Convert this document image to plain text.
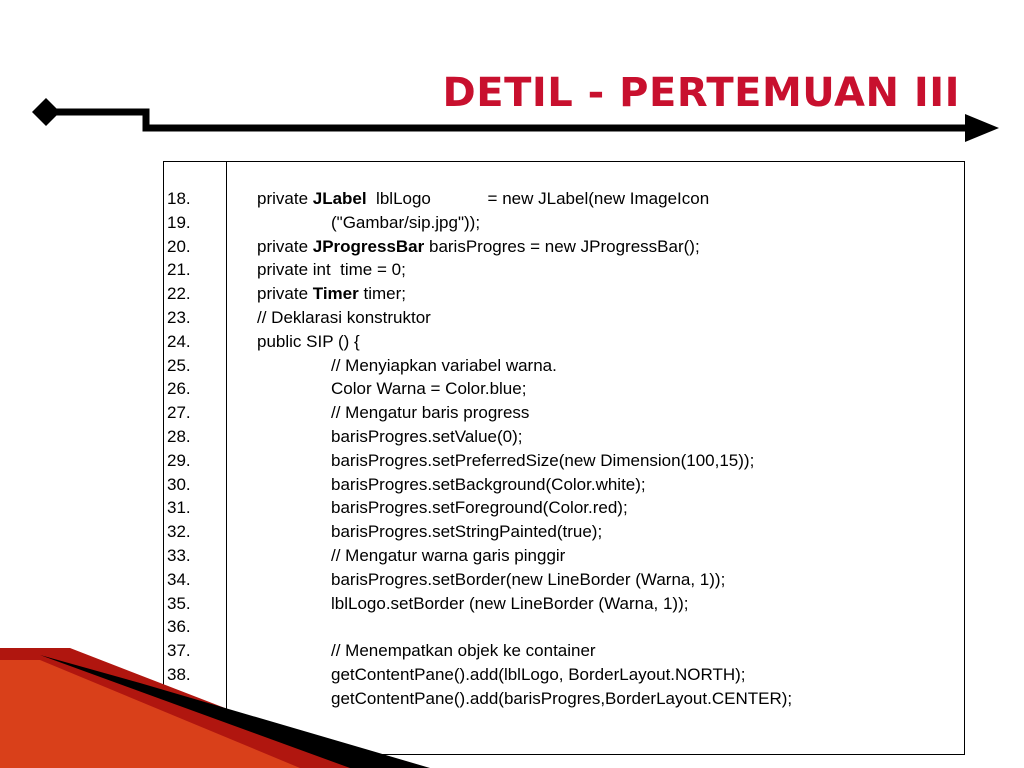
DETIL - PERTEMUAN III
18.
19.
20.
21.
22.
23.
24.
25.
26.
27.
28.
29.
30.
31.
32.
33.
34.
35.
36.
37.
38.
private JLabel  lblLogo            = new JLabel(new ImageIcon
("Gambar/sip.jpg"));
private JProgressBar barisProgres = new JProgressBar();
private int  time = 0;
private Timer timer;
// Deklarasi konstruktor
public SIP () {
// Menyiapkan variabel warna.
Color Warna = Color.blue;
// Mengatur baris progress
barisProgres.setValue(0);
barisProgres.setPreferredSize(new Dimension(100,15));
barisProgres.setBackground(Color.white);
barisProgres.setForeground(Color.red);
barisProgres.setStringPainted(true);
// Mengatur warna garis pinggir
barisProgres.setBorder(new LineBorder (Warna, 1));
lblLogo.setBorder (new LineBorder (Warna, 1));
// Menempatkan objek ke container
getContentPane().add(lblLogo, BorderLayout.NORTH);
getContentPane().add(barisProgres,BorderLayout.CENTER);
